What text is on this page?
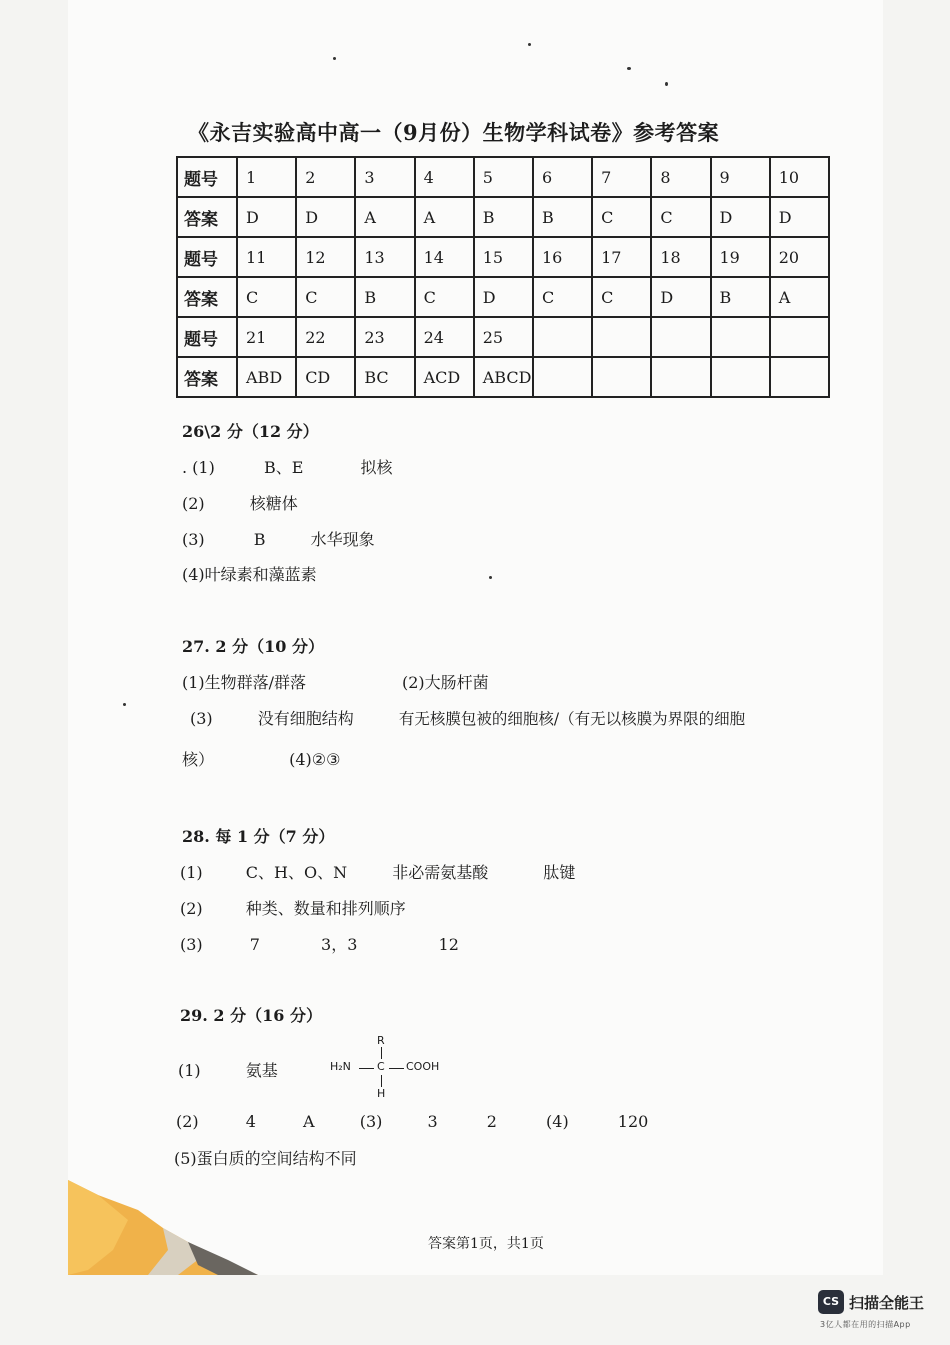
《永吉实验高中高一（9月份）生物学科试卷》参考答案
题号	1	2	3	4	5	6	7	8	9	10
答案	D	D	A	A	B	B	C	C	D	D
题号	11	12	13	14	15	16	17	18	19	20
答案	C	C	B	C	D	C	C	D	B	A
题号	21	22	23	24	25					
答案	ABD	CD	BC	ACD	ABCD					
26\2 分（12 分）
. (1)	B、E	拟核
(2)	核糖体
(3)	B	水华现象
(4)叶绿素和藻蓝素
27. 2 分（10 分）
(1)生物群落/群落	(2)大肠杆菌
(3)	没有细胞结构	有无核膜包被的细胞核/（有无以核膜为界限的细胞
核）	(4)②③
28. 每 1 分（7 分）
(1)	C、H、O、N	非必需氨基酸	肽键
(2)	种类、数量和排列顺序
(3)	7	3，3	12
29. 2 分（16 分）
(1)	氨基
R
H₂N C COOH
H
(2)	4	A	(3)	3	2	(4)	120
(5)蛋白质的空间结构不同
答案第1页，共1页
CS 扫描全能王
3亿人都在用的扫描App
